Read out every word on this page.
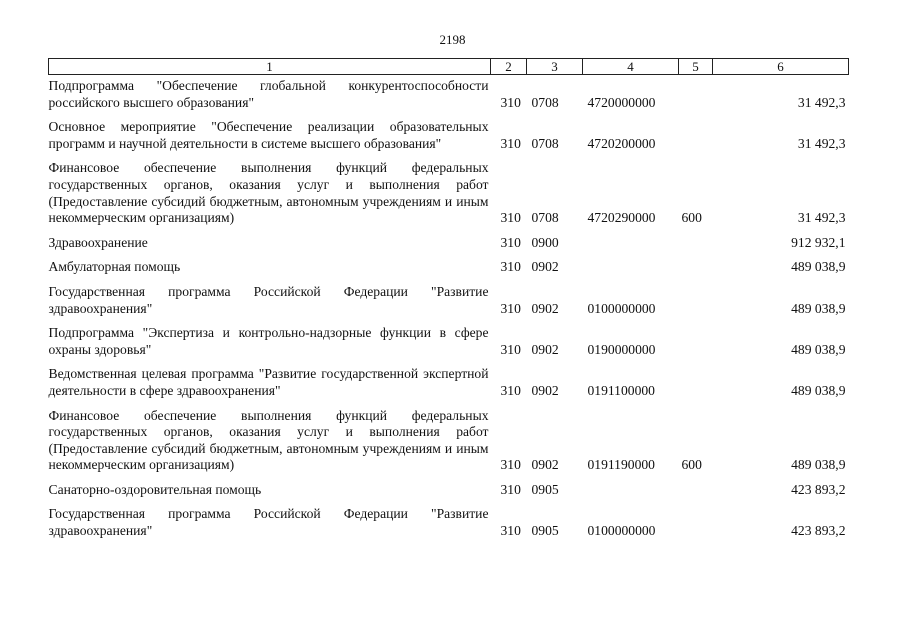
2198
1	2	3	4	5	6
Подпрограмма "Обеспечение глобальной конкурентоспособности российского высшего образования"	310	0708	4720000000		31 492,3
Основное мероприятие "Обеспечение реализации образовательных программ и научной деятельности в системе высшего образования"	310	0708	4720200000		31 492,3
Финансовое обеспечение выполнения функций федеральных государственных органов, оказания услуг и выполнения работ (Предоставление субсидий бюджетным, автономным учреждениям и иным некоммерческим организациям)	310	0708	4720290000	600	31 492,3
Здравоохранение	310	0900			912 932,1
Амбулаторная помощь	310	0902			489 038,9
Государственная программа Российской Федерации "Развитие здравоохранения"	310	0902	0100000000		489 038,9
Подпрограмма "Экспертиза и контрольно-надзорные функции в сфере охраны здоровья"	310	0902	0190000000		489 038,9
Ведомственная целевая программа "Развитие государственной экспертной деятельности в сфере здравоохранения"	310	0902	0191100000		489 038,9
Финансовое обеспечение выполнения функций федеральных государственных органов, оказания услуг и выполнения работ (Предоставление субсидий бюджетным, автономным учреждениям и иным некоммерческим организациям)	310	0902	0191190000	600	489 038,9
Санаторно-оздоровительная помощь	310	0905			423 893,2
Государственная программа Российской Федерации "Развитие здравоохранения"	310	0905	0100000000		423 893,2
